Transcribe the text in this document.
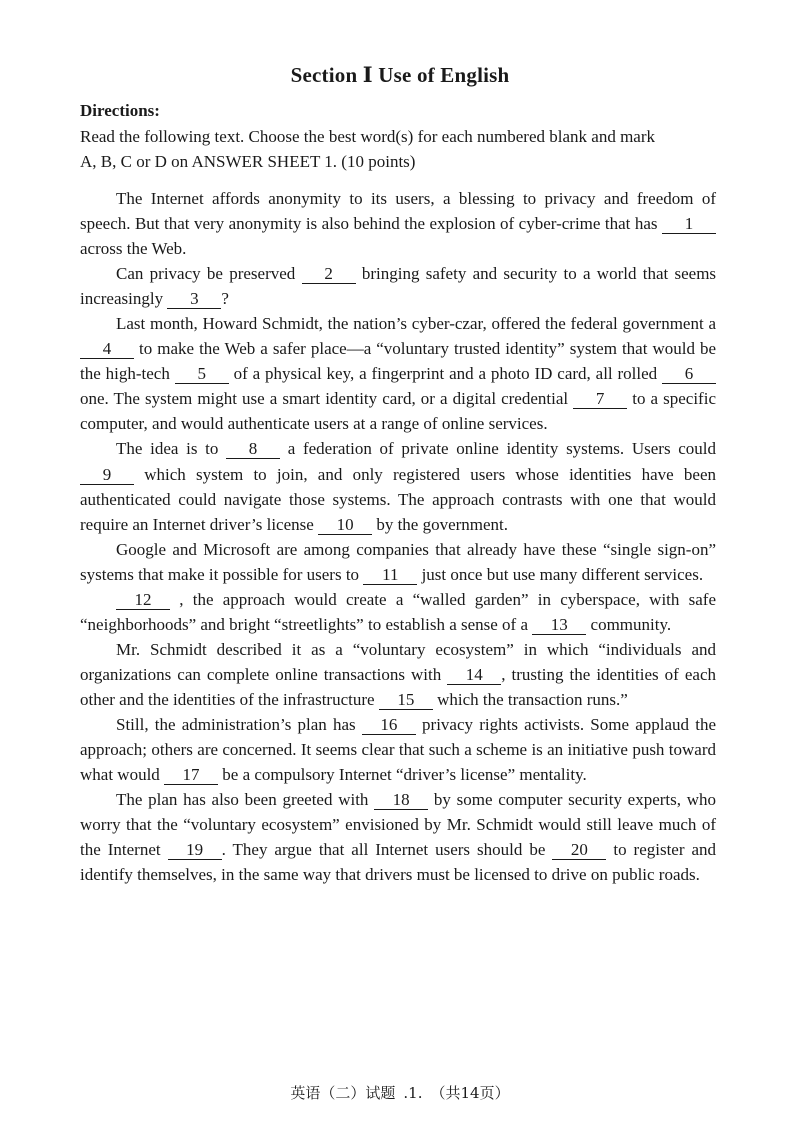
Section Ⅰ Use of English
Directions:
Read the following text. Choose the best word(s) for each numbered blank and mark
A, B, C or D on ANSWER SHEET 1. (10 points)

The Internet affords anonymity to its users, a blessing to privacy and freedom of speech. But that very anonymity is also behind the explosion of cyber-crime that has 1 across the Web.

Can privacy be preserved 2 bringing safety and security to a world that seems increasingly 3 ?

Last month, Howard Schmidt, the nation’s cyber-czar, offered the federal government a 4 to make the Web a safer place—a “voluntary trusted identity” system that would be the high-tech 5 of a physical key, a fingerprint and a photo ID card, all rolled 6 one. The system might use a smart identity card, or a digital credential 7 to a specific computer, and would authenticate users at a range of online services.

The idea is to 8 a federation of private online identity systems. Users could 9 which system to join, and only registered users whose identities have been authenticated could navigate those systems. The approach contrasts with one that would require an Internet driver’s license 10 by the government.

Google and Microsoft are among companies that already have these “single sign-on” systems that make it possible for users to 11 just once but use many different services.

12 , the approach would create a “walled garden” in cyberspace, with safe “neighborhoods” and bright “streetlights” to establish a sense of a 13 community.

Mr. Schmidt described it as a “voluntary ecosystem” in which “individuals and organizations can complete online transactions with 14 , trusting the identities of each other and the identities of the infrastructure 15 which the transaction runs.”

Still, the administration’s plan has 16 privacy rights activists. Some applaud the approach; others are concerned. It seems clear that such a scheme is an initiative push toward what would 17 be a compulsory Internet “driver’s license” mentality.

The plan has also been greeted with 18 by some computer security experts, who worry that the “voluntary ecosystem” envisioned by Mr. Schmidt would still leave much of the Internet 19 . They argue that all Internet users should be 20 to register and identify themselves, in the same way that drivers must be licensed to drive on public roads.

英语（二）试题 .1. （共14页）
